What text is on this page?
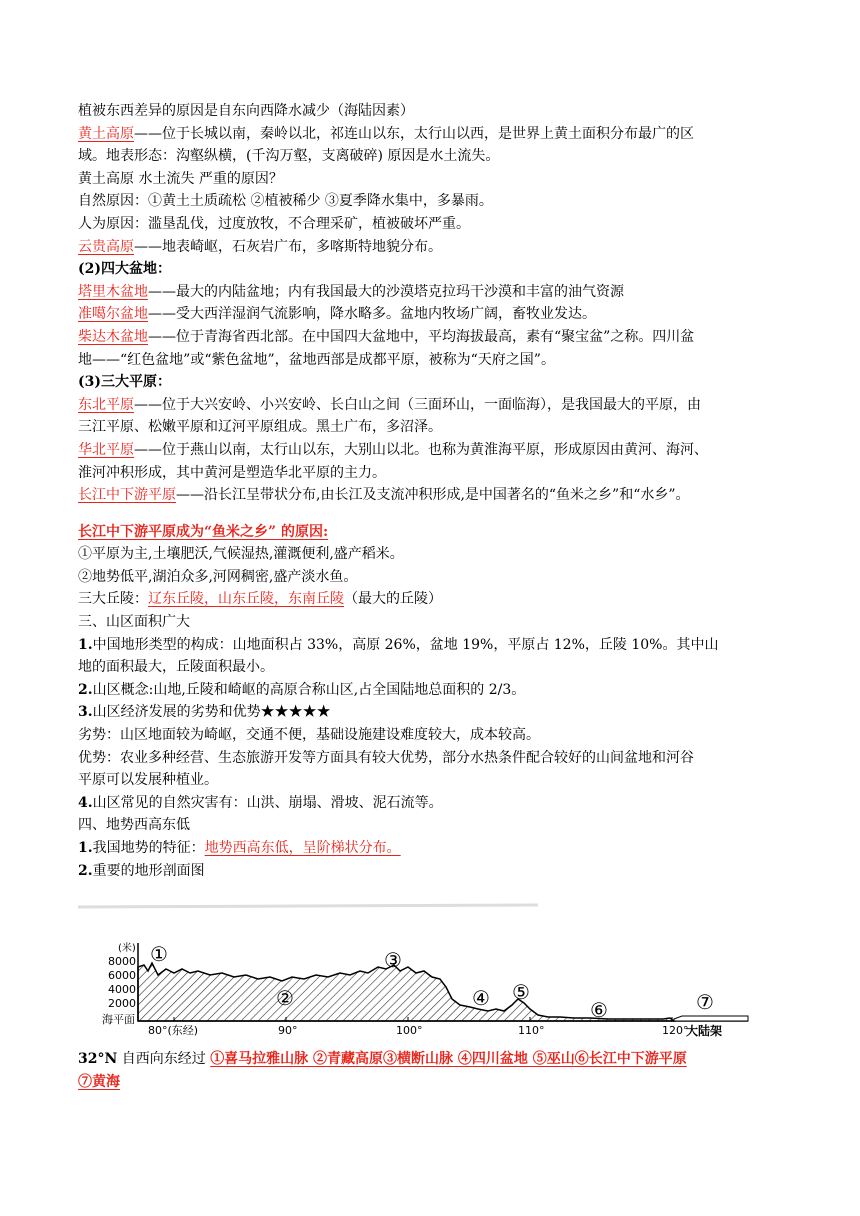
植被东西差异的原因是自东向西降水减少（海陆因素）
黄土高原——位于长城以南，秦岭以北，祁连山以东，太行山以西，是世界上黄土面积分布最广的区
域。地表形态：沟壑纵横，(千沟万壑，支离破碎) 原因是水土流失。
黄土高原 水土流失 严重的原因？
自然原因：①黄土土质疏松 ②植被稀少 ③夏季降水集中，多暴雨。
人为原因：滥垦乱伐，过度放牧，不合理采矿，植被破坏严重。
云贵高原——地表崎岖，石灰岩广布，多喀斯特地貌分布。
(2)四大盆地：
塔里木盆地——最大的内陆盆地；内有我国最大的沙漠塔克拉玛干沙漠和丰富的油气资源
准噶尔盆地——受大西洋湿润气流影响，降水略多。盆地内牧场广阔，畜牧业发达。
柴达木盆地——位于青海省西北部。在中国四大盆地中，平均海拔最高，素有“聚宝盆”之称。四川盆
地——“红色盆地”或“紫色盆地”，盆地西部是成都平原，被称为“天府之国”。
(3)三大平原：
东北平原——位于大兴安岭、小兴安岭、长白山之间（三面环山，一面临海），是我国最大的平原，由
三江平原、松嫩平原和辽河平原组成。黑土广布，多沼泽。
华北平原——位于燕山以南，太行山以东，大别山以北。也称为黄淮海平原，形成原因由黄河、海河、
淮河冲积形成，其中黄河是塑造华北平原的主力。
长江中下游平原——沿长江呈带状分布,由长江及支流冲积形成,是中国著名的“鱼米之乡”和“水乡”。
长江中下游平原成为“鱼米之乡” 的原因:
①平原为主,土壤肥沃,气候湿热,灌溉便利,盛产稻米。
②地势低平,湖泊众多,河网稠密,盛产淡水鱼。
三大丘陵：辽东丘陵，山东丘陵，东南丘陵（最大的丘陵）
三、山区面积广大
1.中国地形类型的构成：山地面积占 33%，高原 26%，盆地 19%，平原占 12%，丘陵 10%。其中山
地的面积最大，丘陵面积最小。
2.山区概念:山地,丘陵和崎岖的高原合称山区,占全国陆地总面积的 2/3。
3.山区经济发展的劣势和优势★★★★★
劣势：山区地面较为崎岖，交通不便，基础设施建设难度较大，成本较高。
优势：农业多种经营、生态旅游开发等方面具有较大优势，部分水热条件配合较好的山间盆地和河谷
平原可以发展种植业。
4.山区常见的自然灾害有：山洪、崩塌、滑坡、泥石流等。
四、地势西高东低
1.我国地势的特征：地势西高东低，呈阶梯状分布。
2.重要的地形剖面图
(米)
8000
6000
4000
2000
海平面
80°(东经)	90°	100°	110°	120°
①
②
③
④ ⑤
⑥	⑦
大陆架
32°N 自西向东经过 ①喜马拉雅山脉 ②青藏高原③横断山脉 ④四川盆地 ⑤巫山⑥长江中下游平原
⑦黄海
